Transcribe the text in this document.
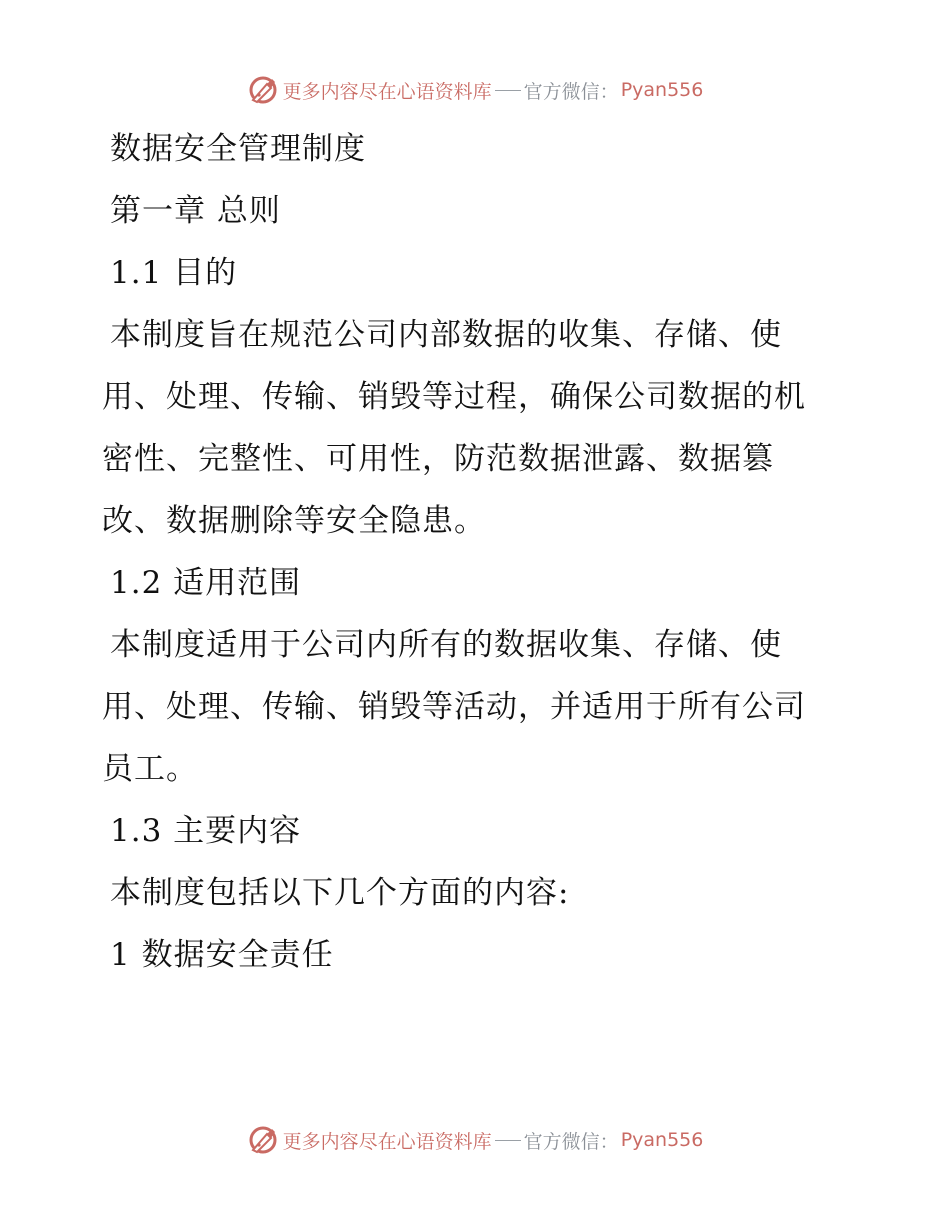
更多内容尽在心语资料库 官方微信： Pyan556
数据安全管理制度
第一章 总则
1.1 目的
本制度旨在规范公司内部数据的收集、存储、使
用、处理、传输、销毁等过程，确保公司数据的机
密性、完整性、可用性，防范数据泄露、数据篡
改、数据删除等安全隐患。
1.2 适用范围
本制度适用于公司内所有的数据收集、存储、使
用、处理、传输、销毁等活动，并适用于所有公司
员工。
1.3 主要内容
本制度包括以下几个方面的内容:
1 数据安全责任
更多内容尽在心语资料库 官方微信： Pyan556
